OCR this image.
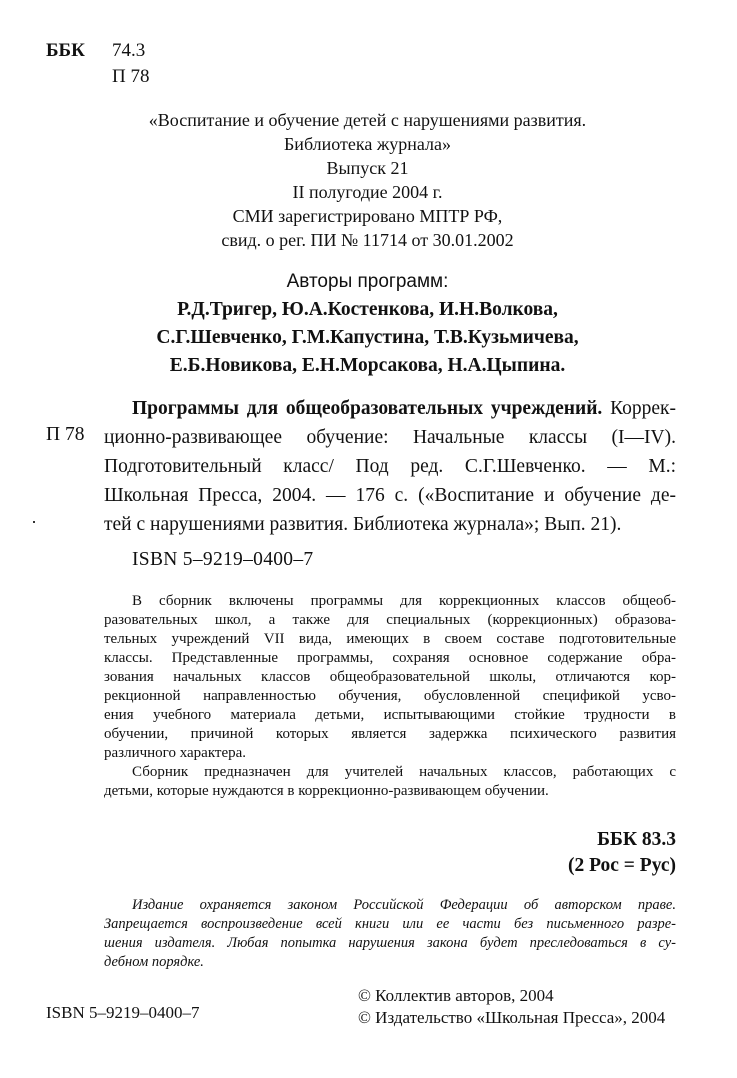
ББК 74.3
П 78
«Воспитание и обучение детей с нарушениями развития.
Библиотека журнала»
Выпуск 21
II полугодие 2004 г.
СМИ зарегистрировано МПТР РФ,
свид. о рег. ПИ № 11714 от 30.01.2002
Авторы программ:
Р.Д.Тригер, Ю.А.Костенкова, И.Н.Волкова,
С.Г.Шевченко, Г.М.Капустина, Т.В.Кузьмичева,
Е.Б.Новикова, Е.Н.Морсакова, Н.А.Цыпина.
П 78
Программы для общеобразовательных учреждений. Коррек-
ционно-развивающее обучение: Начальные классы (I—IV).
Подготовительный класс/ Под ред. С.Г.Шевченко. — М.:
Школьная Пресса, 2004. — 176 с. («Воспитание и обучение де-
тей с нарушениями развития. Библиотека журнала»; Вып. 21).
ISBN 5–9219–0400–7
В сборник включены программы для коррекционных классов общеоб-
разовательных школ, а также для специальных (коррекционных) образова-
тельных учреждений VII вида, имеющих в своем составе подготовительные
классы. Представленные программы, сохраняя основное содержание обра-
зования начальных классов общеобразовательной школы, отличаются кор-
рекционной направленностью обучения, обусловленной спецификой усво-
ения учебного материала детьми, испытывающими стойкие трудности в
обучении, причиной которых является задержка психического развития
различного характера.
Сборник предназначен для учителей начальных классов, работающих с
детьми, которые нуждаются в коррекционно-развивающем обучении.
ББК 83.3
(2 Рос = Рус)
Издание охраняется законом Российской Федерации об авторском праве.
Запрещается воспроизведение всей книги или ее части без письменного разре-
шения издателя. Любая попытка нарушения закона будет преследоваться в су-
дебном порядке.
ISBN 5–9219–0400–7
© Коллектив авторов, 2004
© Издательство «Школьная Пресса», 2004
